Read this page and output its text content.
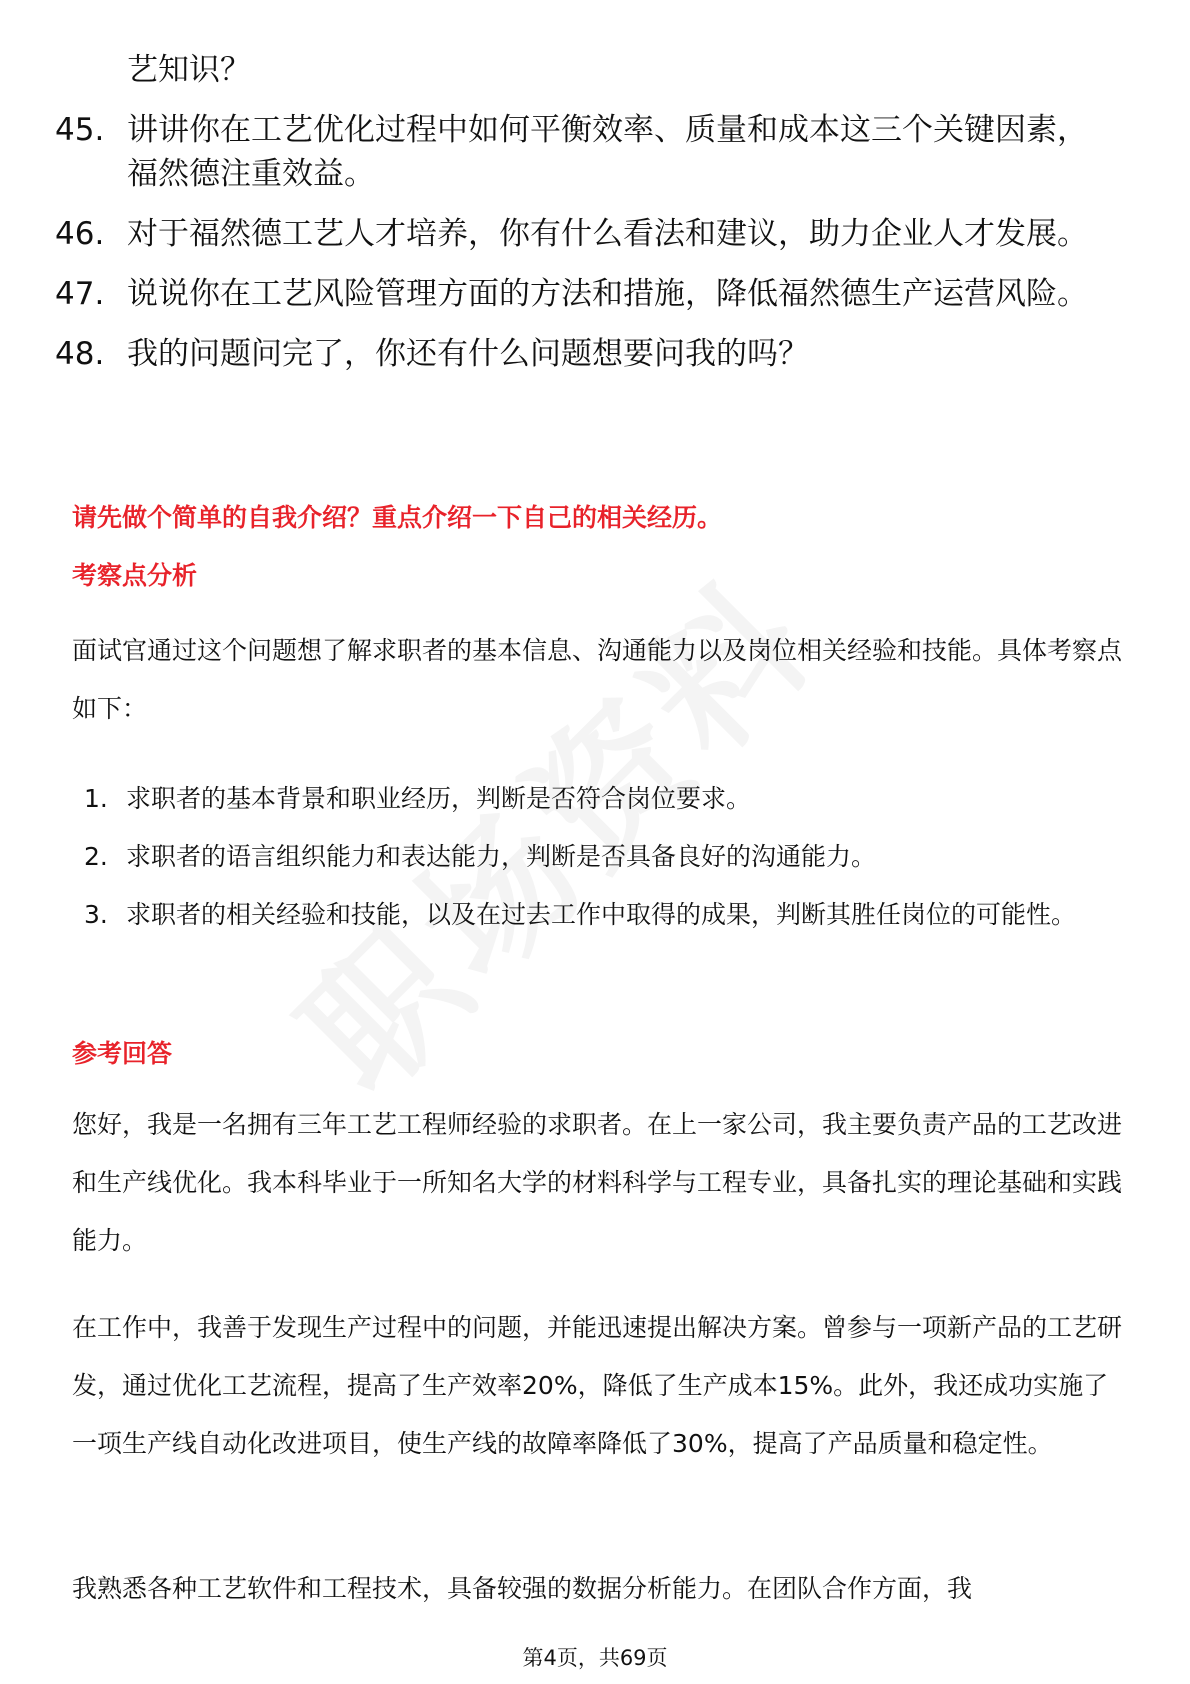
艺知识？
45. 讲讲你在工艺优化过程中如何平衡效率、质量和成本这三个关键因素，福然德注重效益。
46. 对于福然德工艺人才培养，你有什么看法和建议，助力企业人才发展。
47. 说说你在工艺风险管理方面的方法和措施，降低福然德生产运营风险。
48. 我的问题问完了，你还有什么问题想要问我的吗？
请先做个简单的自我介绍？重点介绍一下自己的相关经历。
考察点分析
面试官通过这个问题想了解求职者的基本信息、沟通能力以及岗位相关经验和技能。具体考察点如下：
1. 求职者的基本背景和职业经历，判断是否符合岗位要求。
2. 求职者的语言组织能力和表达能力，判断是否具备良好的沟通能力。
3. 求职者的相关经验和技能，以及在过去工作中取得的成果，判断其胜任岗位的可能性。
参考回答
您好，我是一名拥有三年工艺工程师经验的求职者。在上一家公司，我主要负责产品的工艺改进和生产线优化。我本科毕业于一所知名大学的材料科学与工程专业，具备扎实的理论基础和实践能力。
在工作中，我善于发现生产过程中的问题，并能迅速提出解决方案。曾参与一项新产品的工艺研发，通过优化工艺流程，提高了生产效率20%，降低了生产成本15%。此外，我还成功实施了一项生产线自动化改进项目，使生产线的故障率降低了30%，提高了产品质量和稳定性。
我熟悉各种工艺软件和工程技术，具备较强的数据分析能力。在团队合作方面，我
第4页，共69页
